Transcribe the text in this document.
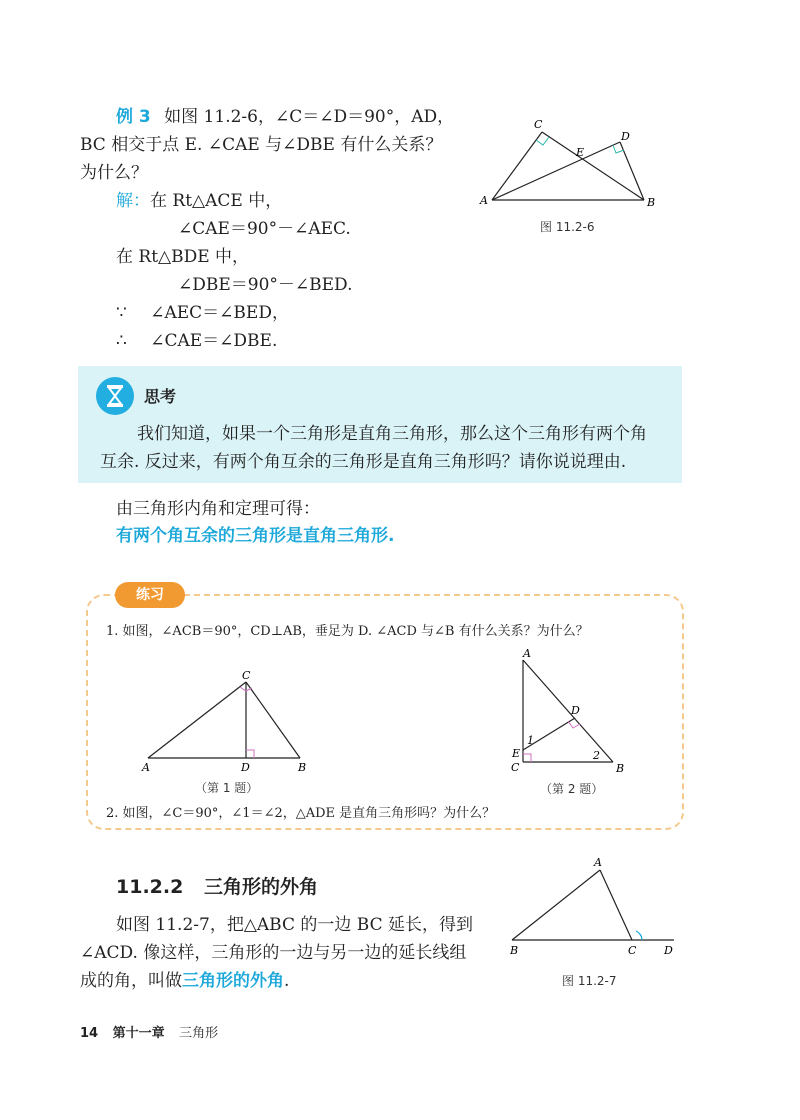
例 3 如图 11.2-6，∠C＝∠D＝90°，AD，
BC 相交于点 E. ∠CAE 与∠DBE 有什么关系？
为什么？
解：在 Rt△ACE 中，
∠CAE＝90°－∠AEC.
在 Rt△BDE 中，
∠DBE＝90°－∠BED.
∵ ∠AEC＝∠BED，
∴ ∠CAE＝∠DBE.
A	B
C
D
E
图 11.2-6
思考
我们知道，如果一个三角形是直角三角形，那么这个三角形有两个角
互余. 反过来，有两个角互余的三角形是直角三角形吗？请你说说理由.
由三角形内角和定理可得：
有两个角互余的三角形是直角三角形.
练习
1. 如图，∠ACB＝90°，CD⊥AB，垂足为 D. ∠ACD 与∠B 有什么关系？为什么？
A	B
C
D
（第 1 题）
A
B
C
D
E
1
2
（第 2 题）
2. 如图，∠C＝90°，∠1＝∠2，△ADE 是直角三角形吗？为什么？
11.2.2 三角形的外角
如图 11.2-7，把△ABC 的一边 BC 延长，得到
∠ACD. 像这样，三角形的一边与另一边的延长线组
成的角，叫做三角形的外角.
A
B	C	D
图 11.2-7
14 第十一章 三角形
